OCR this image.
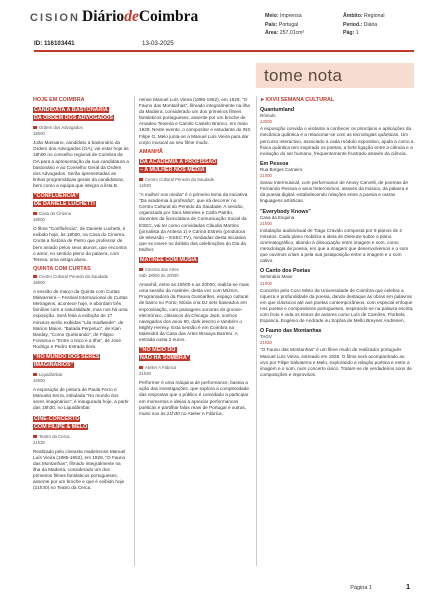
CISION DiáriodeCoimbra	Meio: Imprensa
País: Portugal
Área: 257,01cm²
Âmbito: Regional
Period.: Diária
Pág: 1
ID: 116103441	13-03-2025
tome nota
HOJE EM COIMBRA
CANDIDATA À BASTONÁRIA
DA ORDEM DOS ADVOGADOS
Ordem dos Advogados
18h00

João Massano, candidato a bastonário da Ordem dos Advogados (OA), vai estar hoje às 18h00 no conselho regional de Coimbra da OA para a apresentação da sua candidatura a bastonário e ao Conselho Geral da Ordem dos Advogados. Serão apresentadas as linhas programáticas gerais da candidatura, bem como a equipa que integra a lista B.

"CONFLUÊNCIA"
DE DANIELE LUCHETTI
Casa do Cinema
18h00

O filme "Confluência", de Daniele Luchetti, é exibido hoje, às 18h00, na Casa do Cinema. Conta a história de Pietro que professor de bem amado pelos seus alunos, que encontra o amor, no sentido pleno da palavra, com Teresa, uma antiga aluna.

QUINTA COM CURTAS
Centro Cultural Penedo da Saudade
18h00

A sessão de março da Quinta com Curtas Malvarreira – Festival Internacional de Curtas Metragens, acontece hoje, e abordam três famílias com a naturalidade, mas nos há uma exposição. Será feita a exibição de 17 minutos serão exibidas "Lila madlwede", de Marion Maion, "Balada Perpetuo", de Kian Barday, "Como Quebrando", de Filippo Fonseca e "Entre o Nico e a Ilha", de José Rodrigo e Pedro Estrada Ilera.

"NO MUNDO DOS SERES
IMAGINÁRIOS"
Liquidámbar
16h00

A exposição de pintura de Paula Ferro e Manuela Serra, intitulada "No mundo dos seres imaginários", é inaugurada hoje, a partir das 18h30, no Liquidâmbar.

CINE-CONCERTO
COM FILIPE & MELO
Teatro da Cerca
21h30

Realizado pelo cineasta madeirense Manuel Luís Vieira (1885-1952), em 1928, "O Fauno das Montanhas", filmado integralmente na ilha da Madeira, considerado um dos primeiros filmes fantásticos portugueses, assente por um broche e que é exibido hoje (21h30) no Teatro da Cerca.

nense Manuel Luís Vieira (1885-1952), em 1928, "O Fauno das Montanhas", filmado integralmente na ilha da Madeira, considerado um dos primeiros filmes fantásticos portugueses, assente por um broche de Amadeu Teixeira e Camilo Castelo Branco, em maio 1929. Neste evento, o compositor e estudante do INS Filipe G. Melo junta-se a Manuel Luís Vieira para dar corpo musical ao seu filme mudo.

AMANHÃ
DA ACADEMIA À PROFISSÃO
– A MULHER NOS MEDIA
Centro Cultural Penedo da Saudade
14h30

"A mulher nos media" é o primeiro tema da iniciativa "Da academia à profissão", que irá decorrer no Centro Cultural do Penedo da Saudade. A sessão, organizada por Sara Meireles e Carla Patrão, docentes da licenciatura de Comunicação Social da ESEC, vai ter como convidadas Cláudia Martins (jornalista da Antena 1) e Carina Estrelo (produtora de televisão – ESEC TV), mediadas desta iniciativa que se insere no âmbito das celebrações do Dia da Mulher.

MATINÉE COM MÚSIA
Cinema das Artes
Sáb 18h00 às 20h00

Amanhã, entre as 18h00 e as 20h00, realiza-se mais uma sessão da matinée, desta vez com MÚSIA. Programadora da Pausa Guimarães, espaço cultural de bairro no Porto, Músia cria DJ sets baseados em improvisação, com paisagens sonoras do groove-electrónico, clássicos da Chicago Jack, sonhos navegados dos anos 90, dark electro e também o Mighty Heresy. Esta sessão é em Coimbra na Malmidrá da Casa das Artes Bissaya Barreto. A entrada custa 2 euros.

"NO MEIO DO
NÃO HÁ SOMBRA"
Atelier A Fábrica
21h30

Performer é uma máquina de performance, baseia a ação das investigações, que explora a complexidade das respostas que o público é convidado a participar em momentos e ideias a apreciar performances poéticas e partilhar falas reais de Portugal e outras, muito nos às 21h30 no Atelier A Fábrica.

►XXVII SEMANA CULTURAL
Quantumland
Rómulo
13h00

A exposição convida o visitante a conhecer os princípios e aplicações da mecânica quântica e a relacionar-se com as tecnologias quânticas. Um percurso interactivo, associado a cada módulo expositivo, ajuda a como a física quântica tem inspirado os poetas, a forte ligação entre a ciência e a evolução do ser humano, frequentemente frustrado através da ciência.

Em Pessoa
Rua Borges Carneiro
21h00

Sarau Intermusical, com performance de Ariosy Carvelli, de poemas de Fernando Pessoa e seus heterónimos, através da música, da palavra e da poesia digital, estabelecendo relações entre a poesia e outras linguagens artísticas.

"Everybody Knows"
Casa da Esquina
21h00

Instalação audiovisual de Tiago Cravido composta por 9 planos de 2 minutos. Cada plano mobiliza a ideia de Deleuze sobre o plano cinematográfico, aliando à dissociação entre imagem e som, como metodologia de poesia, em que a imagem que desenvolvemos e o som que ouvimos criam a pela sua justaposição entre a imagem e o som cativo.

O Canto dos Poetas
Seminário Maior
21h00

Concerto pelo Coro Misto da Universidade de Coimbra que celebra a riqueza e profundidade da poesia, dando destaque às obras em palavras em que clássicos até aos poetas contemporâneos, com especial enfoque nos poetas e compositores portugueses, inspirando-se na palavra escrita, com fruto e vida os textos de autores como Luís de Camões, Florbela Espanca, Eugénio de Andrade ou Sophia de Mello Breyner Andresen.

O Fauno das Montanhas
TAGV
21h30

"O Fauno das Montanhas" é um filme mudo de realizador português Manuel Luís Vieira, estreado em 1928. O filme será acompanhado ao vivo por Filipe Salvaterra e Melo, explorando a relação poética e entre a imagem e o som, num concerto único. Tratam-se de verdadeiros sons de composições e improvisos.

Página 1	1
